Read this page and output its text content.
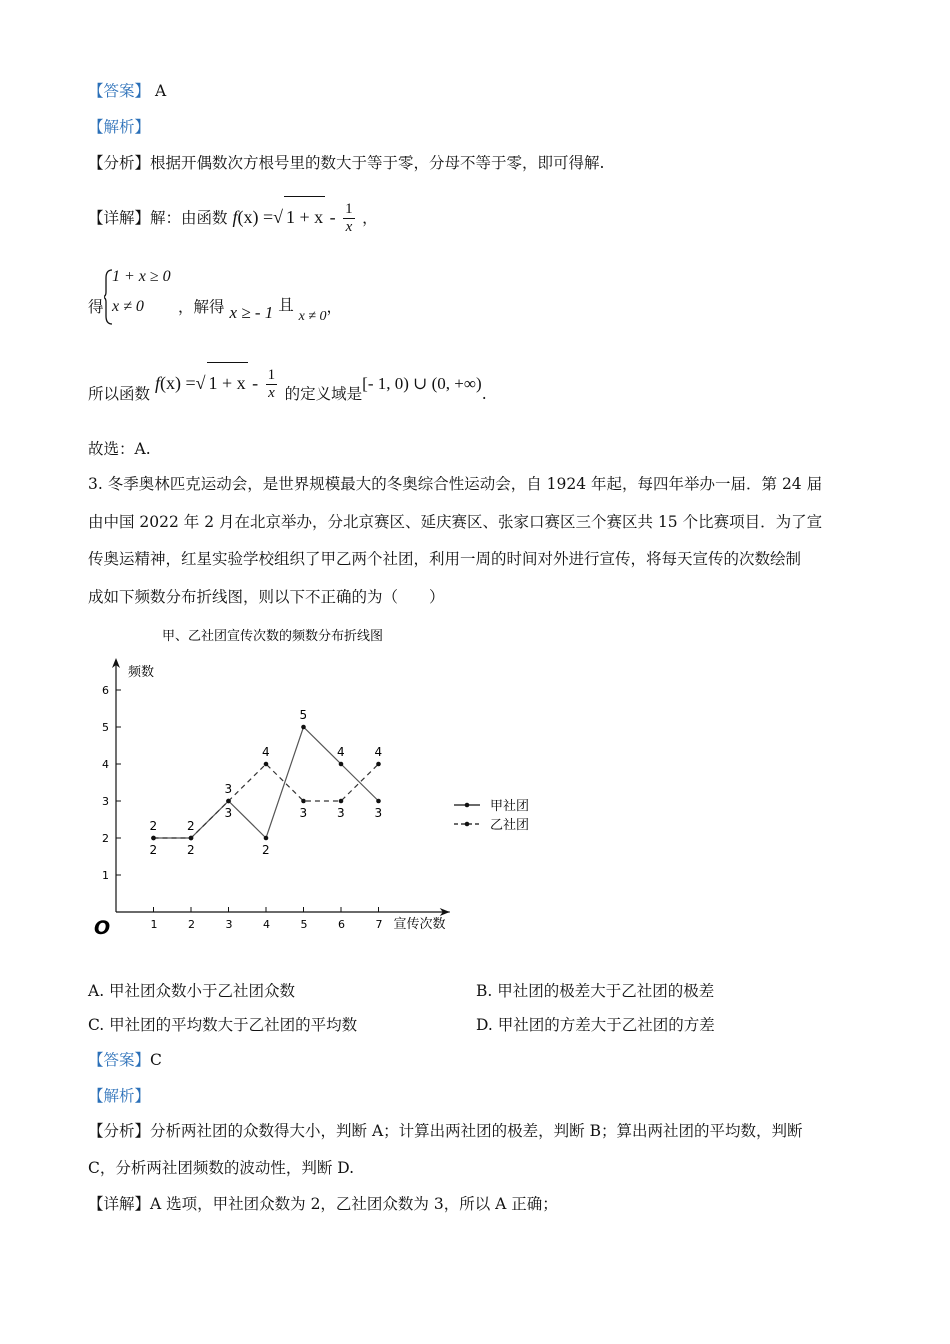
【答案】 A
【解析】
【分析】根据开偶数次方根号里的数大于等于零，分母不等于零，即可得解.
【详解】解：由函数 f(x) =√ $1 + x - \frac{1}{x}$ ，
得
1 + x ≥ 0
x ≠ 0 ，解得 x ≥ - 1 且 x ≠ 0，
所以函数 f(x) =√ $1 + x - \frac{1}{x}$ 的定义域是[- 1, 0) ∪ (0, +∞).
故选：A.
3. 冬季奥林匹克运动会，是世界规模最大的冬奥综合性运动会，自 1924 年起，每四年举办一届．第 24 届
由中国 2022 年 2 月在北京举办，分北京赛区、延庆赛区、张家口赛区三个赛区共 15 个比赛项目．为了宣
传奥运精神，红星实验学校组织了甲乙两个社团，利用一周的时间对外进行宣传，将每天宣传的次数绘制
成如下频数分布折线图，则以下不正确的为（　　）
甲、乙社团宣传次数的频数分布折线图
频数
宣传次数
O
1
2
3
4
5
6
1	2	3	4	5	6	7
2
2
2
2
3
3
2
4
5
3
4
3 3
4
甲社团
乙社团
A. 甲社团众数小于乙社团众数	B. 甲社团的极差大于乙社团的极差
C. 甲社团的平均数大于乙社团的平均数	D. 甲社团的方差大于乙社团的方差
【答案】C
【解析】
【分析】分析两社团的众数得大小，判断 A；计算出两社团的极差，判断 B；算出两社团的平均数，判断
C，分析两社团频数的波动性，判断 D.
【详解】A 选项，甲社团众数为 2，乙社团众数为 3，所以 A 正确；
